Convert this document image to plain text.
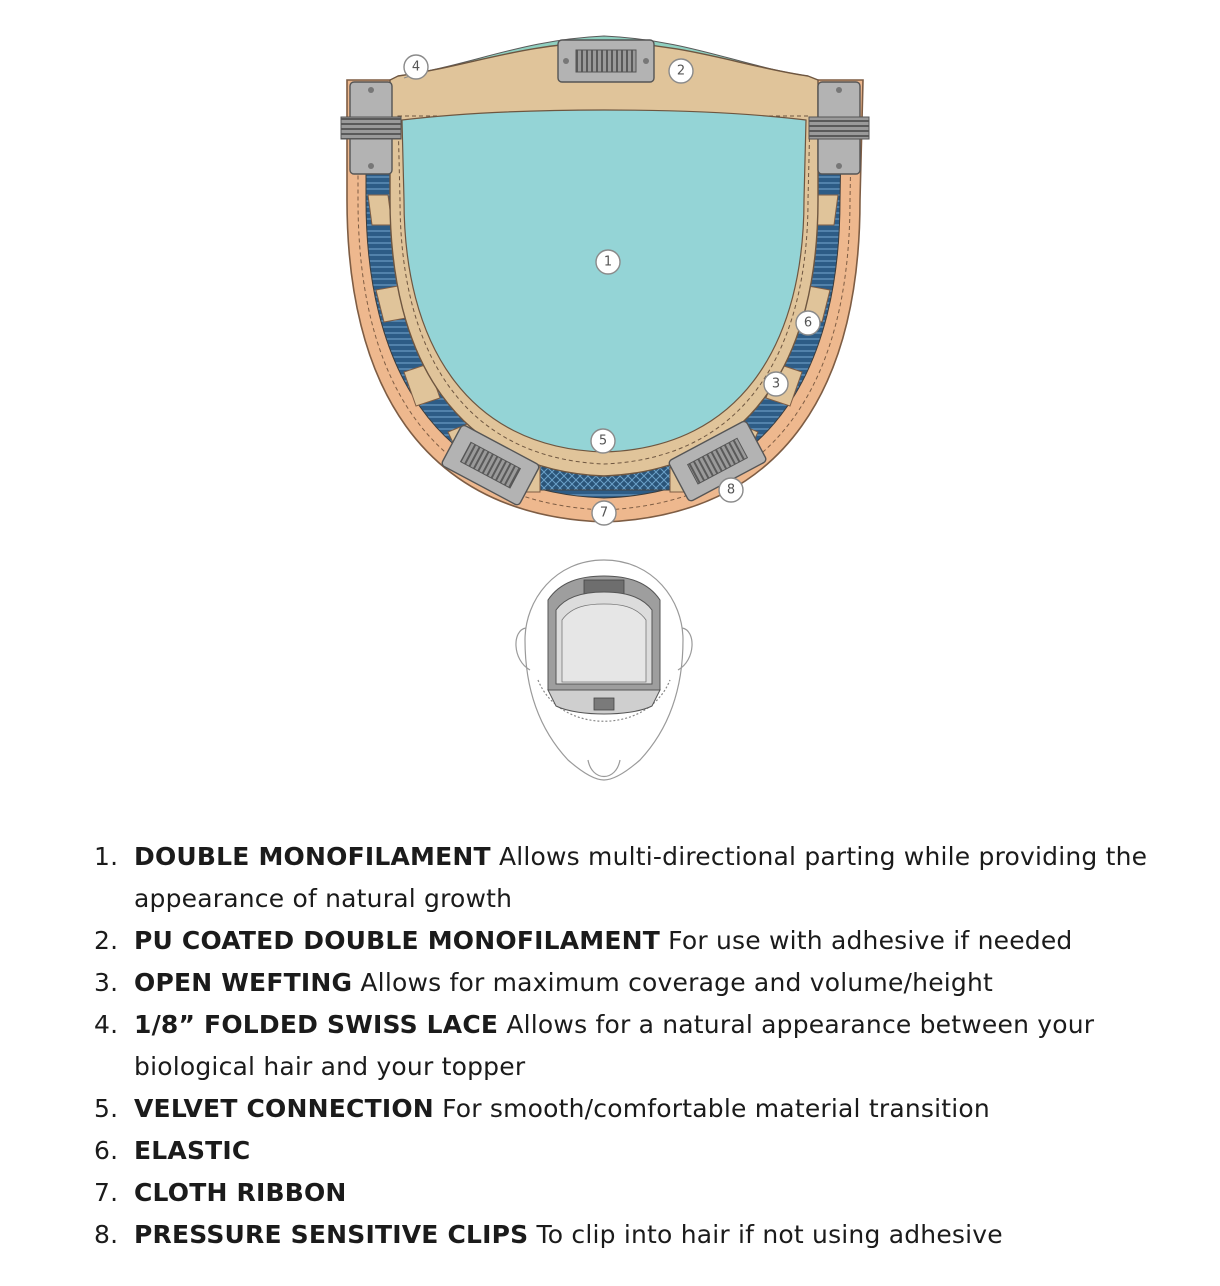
1
2
3
4
5
6
7
8
1. DOUBLE MONOFILAMENT Allows multi-directional parting while providing the appearance of natural growth
2. PU COATED DOUBLE MONOFILAMENT For use with adhesive if needed
3. OPEN WEFTING Allows for maximum coverage and volume/height
4. 1/8” FOLDED SWISS LACE Allows for a natural appearance between your biological hair and your topper
5. VELVET CONNECTION For smooth/comfortable material transition
6. ELASTIC
7. CLOTH RIBBON
8. PRESSURE SENSITIVE CLIPS To clip into hair if not using adhesive
